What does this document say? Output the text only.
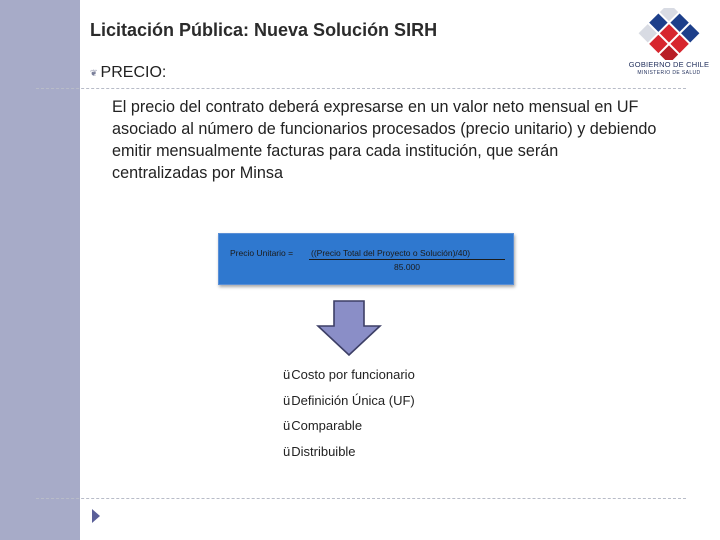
Licitación Pública: Nueva Solución SIRH
❦ PRECIO:
El precio del contrato deberá expresarse en un valor neto mensual en UF asociado al número de funcionarios procesados (precio unitario) y debiendo emitir mensualmente facturas para cada institución, que serán centralizadas por Minsa
Precio Unitario = ((Precio Total del Proyecto o Solución)/40)
85.000
ü Costo por funcionario
ü Definición Única (UF)
ü Comparable
ü Distribuible
GOBIERNO DE CHILE
MINISTERIO DE SALUD
